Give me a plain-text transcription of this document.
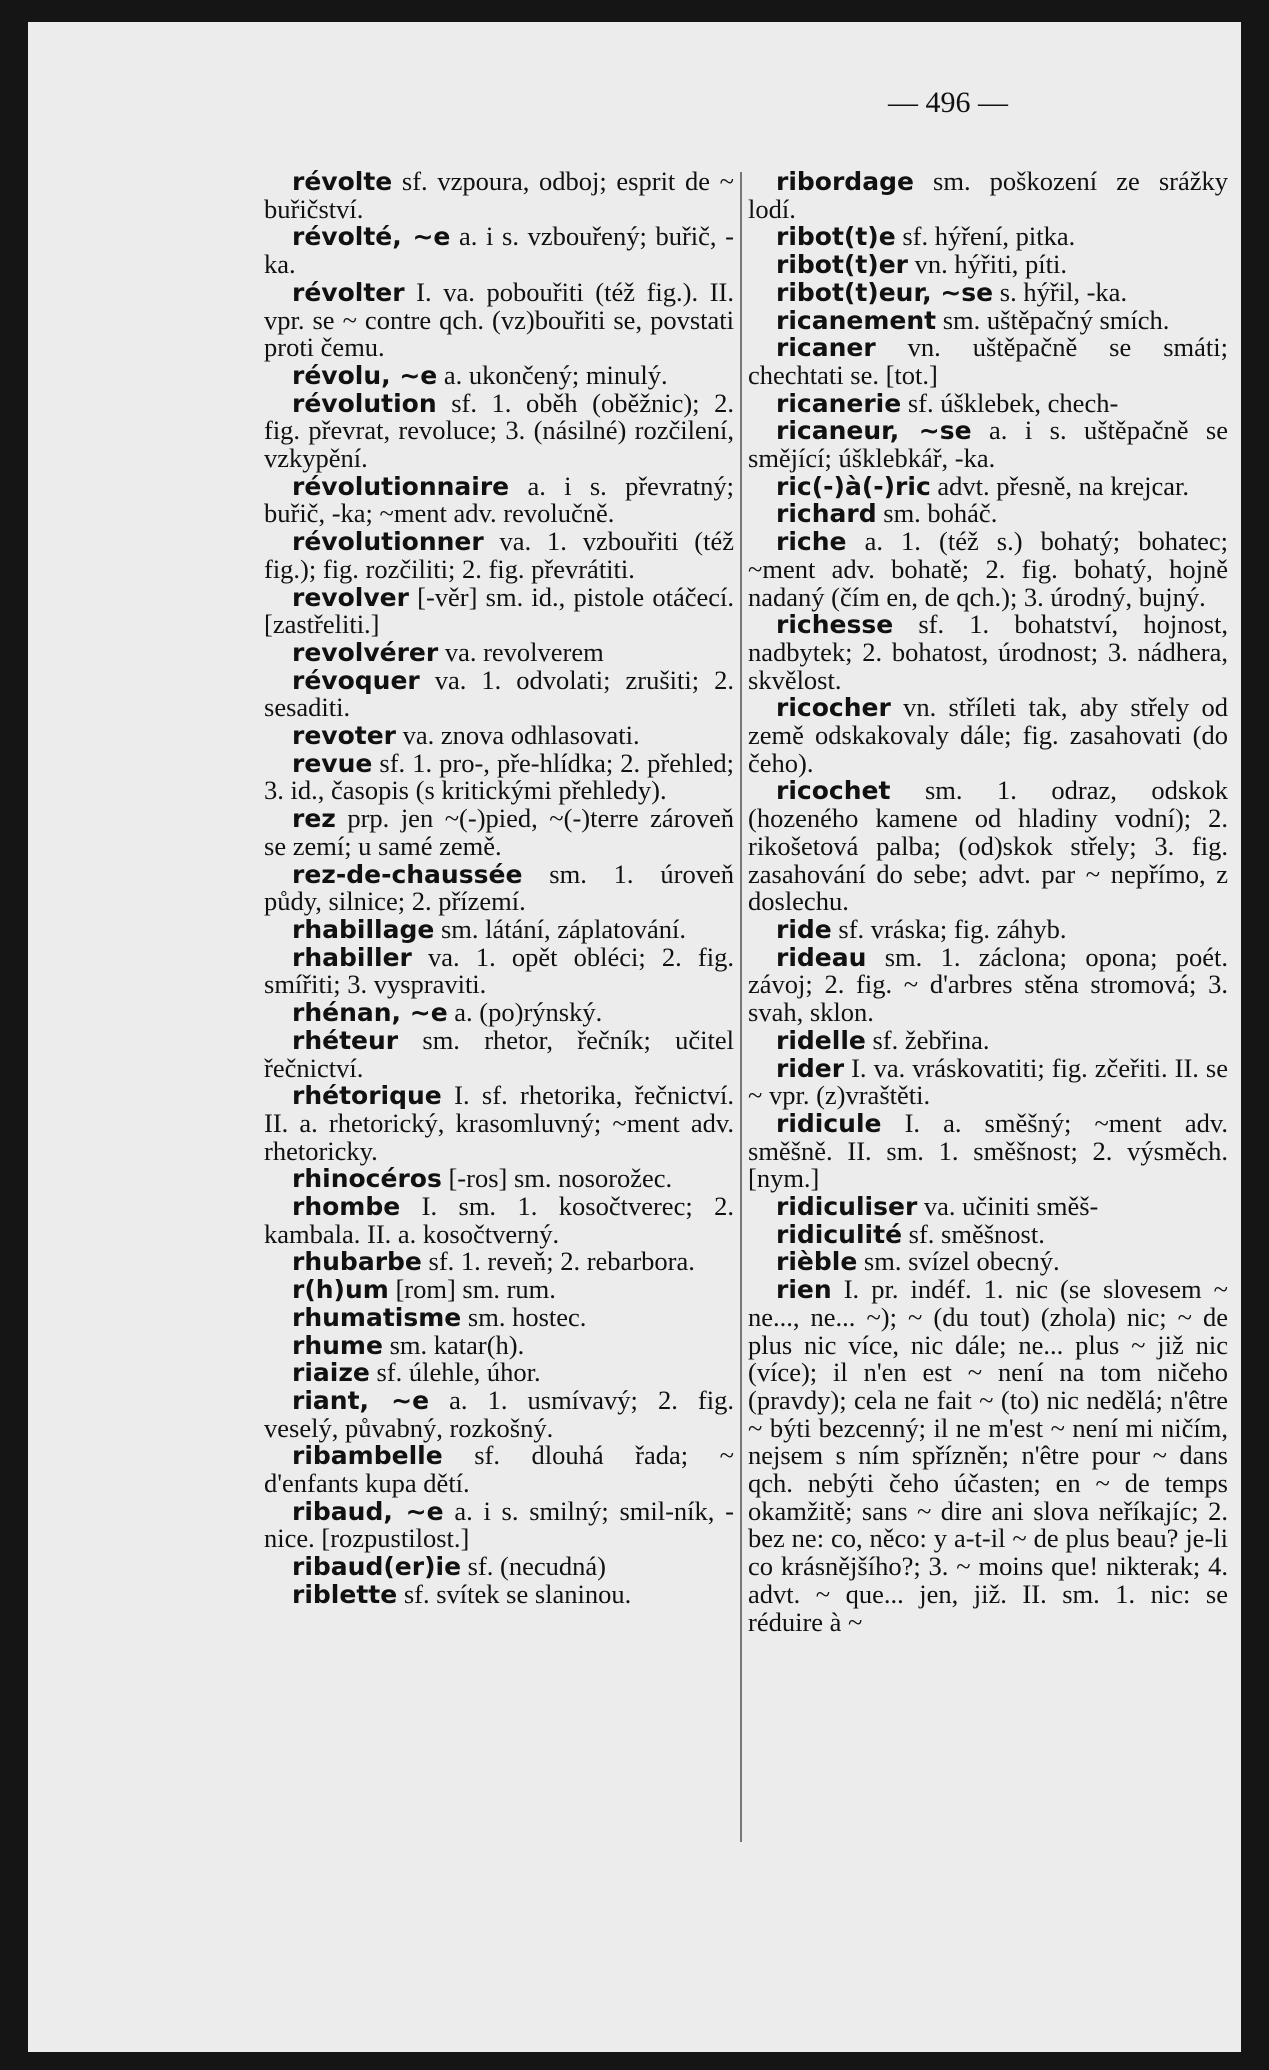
— 496 —

révolte sf. vzpoura, odboj; esprit de ~ buřičství.

révolté, ~e a. i s. vzbouřený; buřič, -ka.

révolter I. va. pobouřiti (též fig.). II. vpr. se ~ contre qch. (vz)bouřiti se, povstati proti čemu.

révolu, ~e a. ukončený; minulý.

révolution sf. 1. oběh (oběžnic); 2. fig. převrat, revoluce; 3. (násilné) rozčilení, vzkypění.

révolutionnaire a. i s. převratný; buřič, -ka; ~ment adv. revolučně.

révolutionner va. 1. vzbouřiti (též fig.); fig. rozčiliti; 2. fig. převrátiti.

revolver [-věr] sm. id., pistole otáčecí. [zastřeliti.]

revolvérer va. revolverem

révoquer va. 1. odvolati; zrušiti; 2. sesaditi.

revoter va. znova odhlasovati.

revue sf. 1. pro-, pře-hlídka; 2. přehled; 3. id., časopis (s kritickými přehledy).

rez prp. jen ~(-)pied, ~(-)terre zároveň se zemí; u samé země.

rez-de-chaussée sm. 1. úroveň půdy, silnice; 2. přízemí.

rhabillage sm. látání, záplatování.

rhabiller va. 1. opět obléci; 2. fig. smířiti; 3. vyspraviti.

rhénan, ~e a. (po)rýnský.

rhéteur sm. rhetor, řečník; učitel řečnictví.

rhétorique I. sf. rhetorika, řečnictví. II. a. rhetorický, krasomluvný; ~ment adv. rhetoricky.

rhinocéros [-ros] sm. nosorožec.

rhombe I. sm. 1. kosočtverec; 2. kambala. II. a. kosočtverný.

rhubarbe sf. 1. reveň; 2. rebarbora.

r(h)um [rom] sm. rum.

rhumatisme sm. hostec.

rhume sm. katar(h).

riaize sf. úlehle, úhor.

riant, ~e a. 1. usmívavý; 2. fig. veselý, půvabný, rozkošný.

ribambelle sf. dlouhá řada; ~ d'enfants kupa dětí.

ribaud, ~e a. i s. smilný; smil-ník, -nice. [rozpustilost.]

ribaud(er)ie sf. (necudná)

riblette sf. svítek se slaninou.

ribordage sm. poškození ze srážky lodí.

ribot(t)e sf. hýření, pitka.

ribot(t)er vn. hýřiti, píti.

ribot(t)eur, ~se s. hýřil, -ka.

ricanement sm. uštěpačný smích.

ricaner vn. uštěpačně se smáti; chechtati se. [tot.]

ricanerie sf. úšklebek, chech-

ricaneur, ~se a. i s. uštěpačně se smějící; úšklebkář, -ka.

ric(-)à(-)ric advt. přesně, na krejcar.

richard sm. boháč.

riche a. 1. (též s.) bohatý; bohatec; ~ment adv. bohatě; 2. fig. bohatý, hojně nadaný (čím en, de qch.); 3. úrodný, bujný.

richesse sf. 1. bohatství, hojnost, nadbytek; 2. bohatost, úrodnost; 3. nádhera, skvělost.

ricocher vn. střílеti tak, aby střely od země odskakovaly dále; fig. zasahovati (do čeho).

ricochet sm. 1. odraz, odskok (hozeného kamene od hladiny vodní); 2. rikošetová palba; (od)skok střely; 3. fig. zasahování do sebe; advt. par ~ nepřímo, z doslechu.

ride sf. vráska; fig. záhyb.

rideau sm. 1. záclona; opona; poét. závoj; 2. fig. ~ d'arbres stěna stromová; 3. svah, sklon.

ridelle sf. žebřina.

rider I. va. vráskovatiti; fig. zčeřiti. II. se ~ vpr. (z)vraštěti.

ridicule I. a. směšný; ~ment adv. směšně. II. sm. 1. směšnost; 2. výsměch. [nym.]

ridiculiser va. učiniti směš-

ridiculité sf. směšnost.

rièble sm. svízel obecný.

rien I. pr. indéf. 1. nic (se slovesem ~ ne..., ne... ~); ~ (du tout) (zhola) nic; ~ de plus nic více, nic dále; ne... plus ~ již nic (více); il n'en est ~ není na tom ničeho (pravdy); cela ne fait ~ (to) nic nedělá; n'être ~ býti bezcenný; il ne m'est ~ není mi ničím, nejsem s ním spřízněn; n'être pour ~ dans qch. nebýti čeho účasten; en ~ de temps okamžitě; sans ~ dire ani slova neříkajíc; 2. bez ne: co, něco: y a-t-il ~ de plus beau? je-li co krásnějšího?; 3. ~ moins que! nikterak; 4. advt. ~ que... jen, již. II. sm. 1. nic: se réduire à ~
